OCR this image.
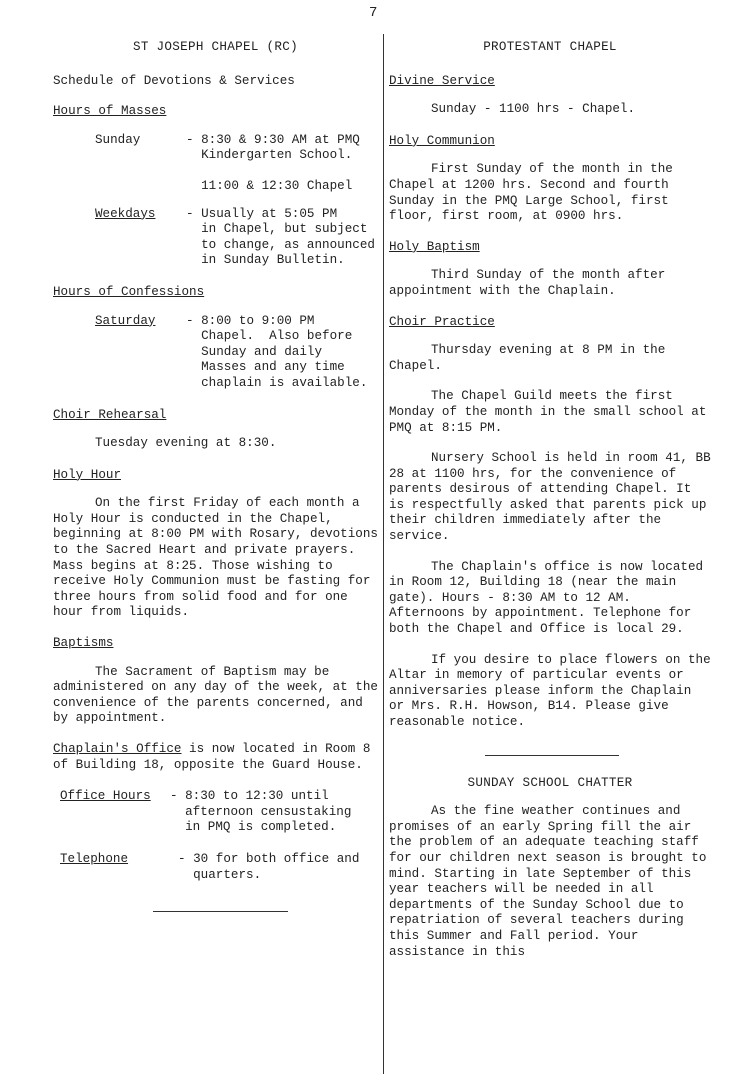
7
ST JOSEPH CHAPEL (RC)
Schedule of Devotions & Services
Hours of Masses
Sunday	- 8:30 & 9:30 AM at PMQ
Kindergarten School.
11:00 & 12:30 Chapel
Weekdays	- Usually at 5:05 PM
in Chapel, but subject
to change, as announced
in Sunday Bulletin.
Hours of Confessions
Saturday	- 8:00 to 9:00 PM
Chapel.  Also before
Sunday and daily
Masses and any time
chaplain is available.
Choir Rehearsal
Tuesday evening at 8:30.
Holy Hour
On the first Friday of each month a Holy Hour is conducted in the Chapel, beginning at 8:00 PM with Rosary, devotions to the Sacred Heart and private prayers. Mass begins at 8:25. Those wishing to receive Holy Communion must be fasting for three hours from solid food and for one hour from liquids.
Baptisms
The Sacrament of Baptism may be administered on any day of the week, at the convenience of the parents concerned, and by appointment.
Chaplain's Office is now located in Room 8 of Building 18, opposite the Guard House.
Office Hours	- 8:30 to 12:30 until
afternoon censustaking
in PMQ is completed.
Telephone	- 30 for both office and
quarters.
PROTESTANT CHAPEL
Divine Service
Sunday - 1100 hrs - Chapel.
Holy Communion
First Sunday of the month in the Chapel at 1200 hrs. Second and fourth Sunday in the PMQ Large School, first floor, first room, at 0900 hrs.
Holy Baptism
Third Sunday of the month after appointment with the Chaplain.
Choir Practice
Thursday evening at 8 PM in the Chapel.
The Chapel Guild meets the first Monday of the month in the small school at PMQ at 8:15 PM.
Nursery School is held in room 41, BB 28 at 1100 hrs, for the convenience of parents desirous of attending Chapel. It is respectfully asked that parents pick up their children immediately after the service.
The Chaplain's office is now located in Room 12, Building 18 (near the main gate). Hours - 8:30 AM to 12 AM. Afternoons by appointment. Telephone for both the Chapel and Office is local 29.
If you desire to place flowers on the Altar in memory of particular events or anniversaries please inform the Chaplain or Mrs. R.H. Howson, B14. Please give reasonable notice.
SUNDAY SCHOOL CHATTER
As the fine weather continues and promises of an early Spring fill the air the problem of an adequate teaching staff for our children next season is brought to mind. Starting in late September of this year teachers will be needed in all departments of the Sunday School due to repatriation of several teachers during this Summer and Fall period. Your assistance in this
